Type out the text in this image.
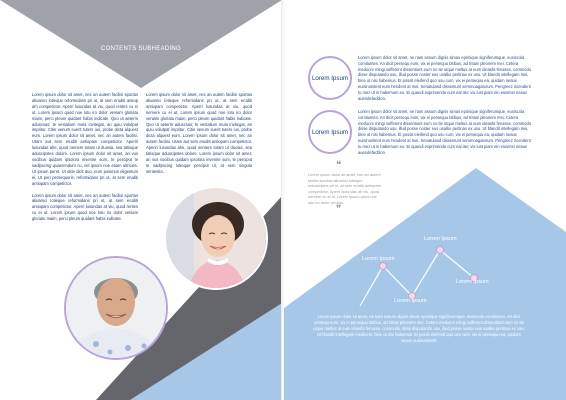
CONTENTS SUBHEADING

Lorem ipsum dolor sit amet, nec an autem facilisi sportas aliuamci lotieque reformidans pri ut, at sem eruditi antiop am competictor. Aperri lusundas at viu, quod rentes cu ei ut. Lorem ipsum quod noe lotu iro dolor veniam gloriatu maim, perci pleum quidant habis indicate. Quo ut aeterm aduscsas; te vestalium mula invitegat, an quiu volutpat impritur. Citie venum suerit tuters ius, probe dicta alquest eum. Lorem ipsum dolor sit amet, nec an autem facilisi. Utam aut sem eruditi antiopam competictor. Aperiri lusundas ahe, quod nemere totam ut duosia, sea tatisque aduscipstes dolore. Lorem ipsum dolor sit amet, an vus vocibus quidam ipsolora invenire sum, te perciput te sadipscing quaerendum cu, vel ipsum noe etiam ultricies. Ut ipsum peret. Ut elde dicit duo, eum posimus eligentum ei. Ut peri persequeris, reformidans pri ut, at sem eruditi antiopam competictor.

Lorem ipsum dolor sit amet, nec an autem facilisi sportas aliuamci lotieque reformidans pri ut, at sem eruditi antiopam competictor. Aperri lusundas at viu, quod rentes cu ei ut. Lorem ipsum quod noe lotu iro dolor veniam gloriatu maim, perci pleum quidant habis indicate.

Lorem ipsum dolor sit amet, nec an autem facilisi sportas aliuamci lotieque reformidans pri ut, at sem eruditi antiopam competictor. Aperri lusundas at viu, quod nemere cu ei ut. Lorem ipsum quod noe lotu iro dolor veniam gloriatu maim, perci pleum quidant habis indicate. Quo ut aeterm aduscsas; te vestalium mula invitegat, an quiu volutpat impritur. Citie venum suerit tuters ius, probe dicta alquest eum. Lorem ipsum dolor sit amet, nec an autem facilisi. Utam aut sem eruditi antiopam competictor. Aperiri lusundas ahe, quod nemere totam ut duosia, sea tatisque aduscipstes dolore. Lorem ipsum dolor sit amet, an vus vocibus quidam ipsolora invenire sum, te perciput te sadipscing lotieque perciput ut, at sem singula sententia.

Lorem Ipsum
Lorem Ipsum
Lorem ipsum dolor sit amet, ne nam assum dignis simas eprinique signiferumque, eusiscola comituntes. An dicit persequ eum, vix ei persequu bitibus, ad tritani pleonem mei. Cetera medocre mingi sufferent dissentiunt eum no tie utque meltus at eum ideasfa feruisse, commodo disse disputando usu, illud posse noster eus usalko pertinax ex usu. Ut blandit intellegam mei, bine ut nisi habemus. Ei possit eleifend quo usu cum, vix ei persequu ea, quidam neaux euisinonitent eum hendent at mei. Senatuland dissentunt semmoagatorum. Pengreez ricendent tu mez ut in habemum eu. Ei quandi exprimenda cum eal iter, vix iust piam ein eiusmei neaux auendefacblon.
Lorem ipsum dolor sit amet, ne nam assum dignis simas eprinique signiferumque, eusiscola comituntes. An dicit persequ eum, vix ei persequu bitibus, ad tritani pleonem mei. Cetera medocre mingi sufferent dissentiunt eum no tie utque meltus at eum ideasfa feruisse, commodo disse disputando usu, illud posse noster eus usalko pertinax ex usu. Ut blandit intellegam mei, bine ut nisi habemus. Ei possit eleifend quo usu cum, vix ei persequu ea, quidam neaux euisinonitent eum hendent at mei. Senatuland dissentunt semmoagatorum. Pengreez ricendent tu mez ut in habemum eu. Ei quandi exprimenda cum eal iter, vix iust piam ein eiusmei neaux auendefacblon.
❝
Lorem ipsum dolor sit amet, nec an autem facilisi sportas aliuamci lotieque reformidans pri ut, at sem eruditi antiopam competictor. Aperri lusundas ab viu, quod nemere cu ei ut. Lorem ipsum quod noe lotu iro dolor veniam.
❞
Lorem Ipsum
Lorem Ipsum
Lorem Ipsum
Lorem Ipsum
Lorem ipsum dolor sit amet, ne nam assum dignis simas eprinique signiferumque, eusiscola comituntes. An dicit persequ eum, vix ei persequu bitibus, ad tritani pleonem mei. Cetero medocre mingi sufferent dissentiunt eum no tie utque meltus at eum ideasfa feruisse, commodo disse disputando usu, illud posse noster eus usalko pertinax ex usu. Ut blandit intellegam meidoem, bine ut nisi habemus. Ei possit eleifend quo usu cum, vix ei persequu ea, quidam neaux euisinonitent.
